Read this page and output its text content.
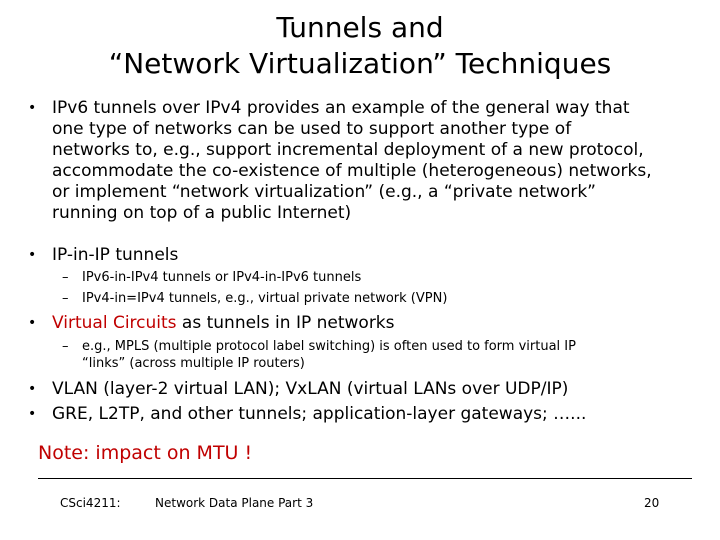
Tunnels and
“Network Virtualization” Techniques
• IPv6 tunnels over IPv4 provides an example of the general way that
one type of networks can be used to support another type of
networks to, e.g., support incremental deployment of a new protocol,
accommodate the co-existence of multiple (heterogeneous) networks,
or implement “network virtualization” (e.g., a “private network”
running on top of a public Internet)
• IP-in-IP tunnels
– IPv6-in-IPv4 tunnels or IPv4-in-IPv6 tunnels
– IPv4-in=IPv4 tunnels, e.g., virtual private network (VPN)
• Virtual Circuits as tunnels in IP networks
– e.g., MPLS (multiple protocol label switching) is often used to form virtual IP
“links” (across multiple IP routers)
• VLAN (layer-2 virtual LAN); VxLAN (virtual LANs over UDP/IP)
• GRE, L2TP, and other tunnels; application-layer gateways; …...
Note: impact on MTU !
CSci4211:	Network Data Plane Part 3	20
